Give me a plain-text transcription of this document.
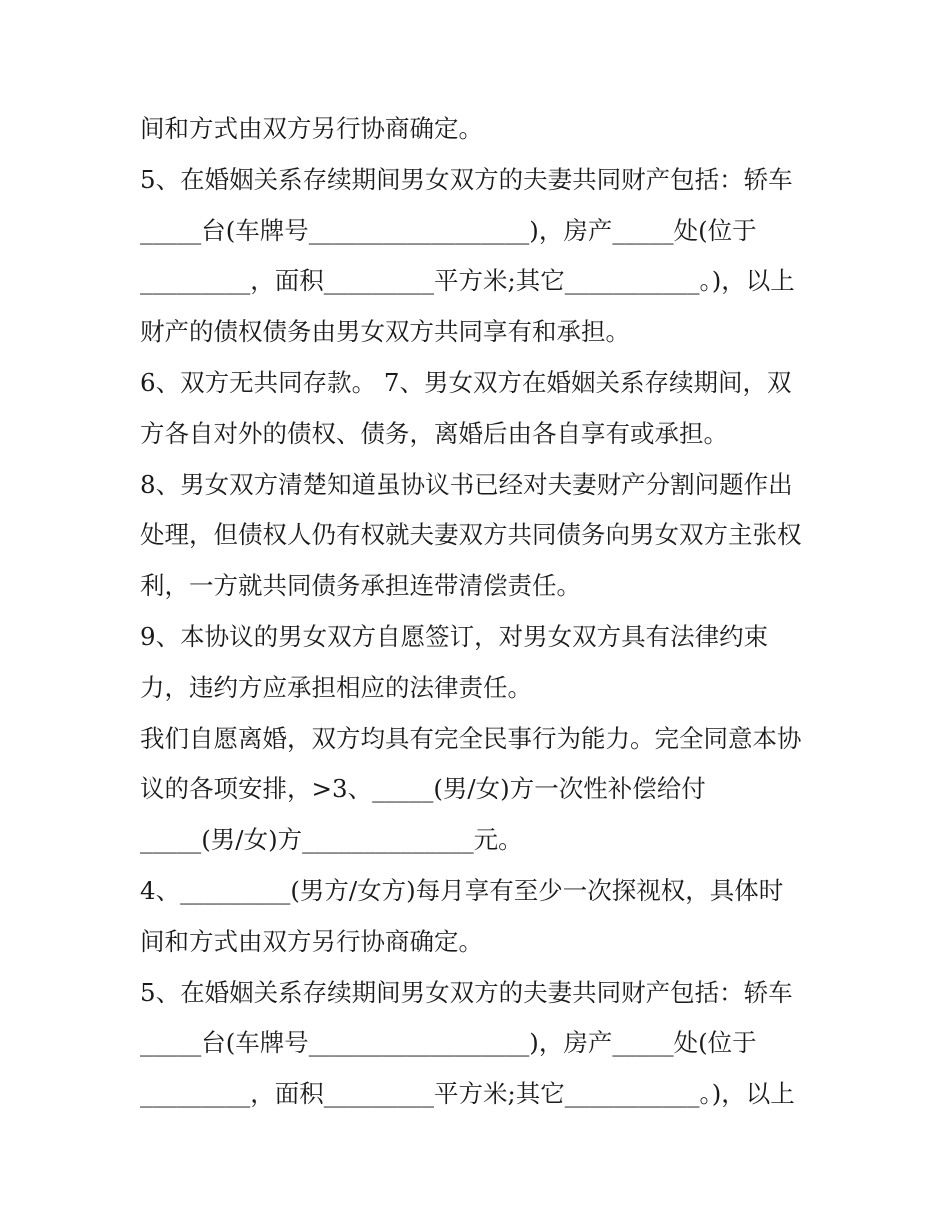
间和方式由双方另行协商确定。
5、在婚姻关系存续期间男女双方的夫妻共同财产包括：轿车
_____台(车牌号__________________)，房产_____处(位于
_________，面积_________平方米;其它___________。)，以上
财产的债权债务由男女双方共同享有和承担。
6、双方无共同存款。 7、男女双方在婚姻关系存续期间，双
方各自对外的债权、债务，离婚后由各自享有或承担。
8、男女双方清楚知道虽协议书已经对夫妻财产分割问题作出
处理，但债权人仍有权就夫妻双方共同债务向男女双方主张权
利，一方就共同债务承担连带清偿责任。
9、本协议的男女双方自愿签订，对男女双方具有法律约束
力，违约方应承担相应的法律责任。
我们自愿离婚，双方均具有完全民事行为能力。完全同意本协
议的各项安排，>3、_____(男/女)方一次性补偿给付
_____(男/女)方______________元。
4、_________(男方/女方)每月享有至少一次探视权，具体时
间和方式由双方另行协商确定。
5、在婚姻关系存续期间男女双方的夫妻共同财产包括：轿车
_____台(车牌号__________________)，房产_____处(位于
_________，面积_________平方米;其它___________。)，以上
